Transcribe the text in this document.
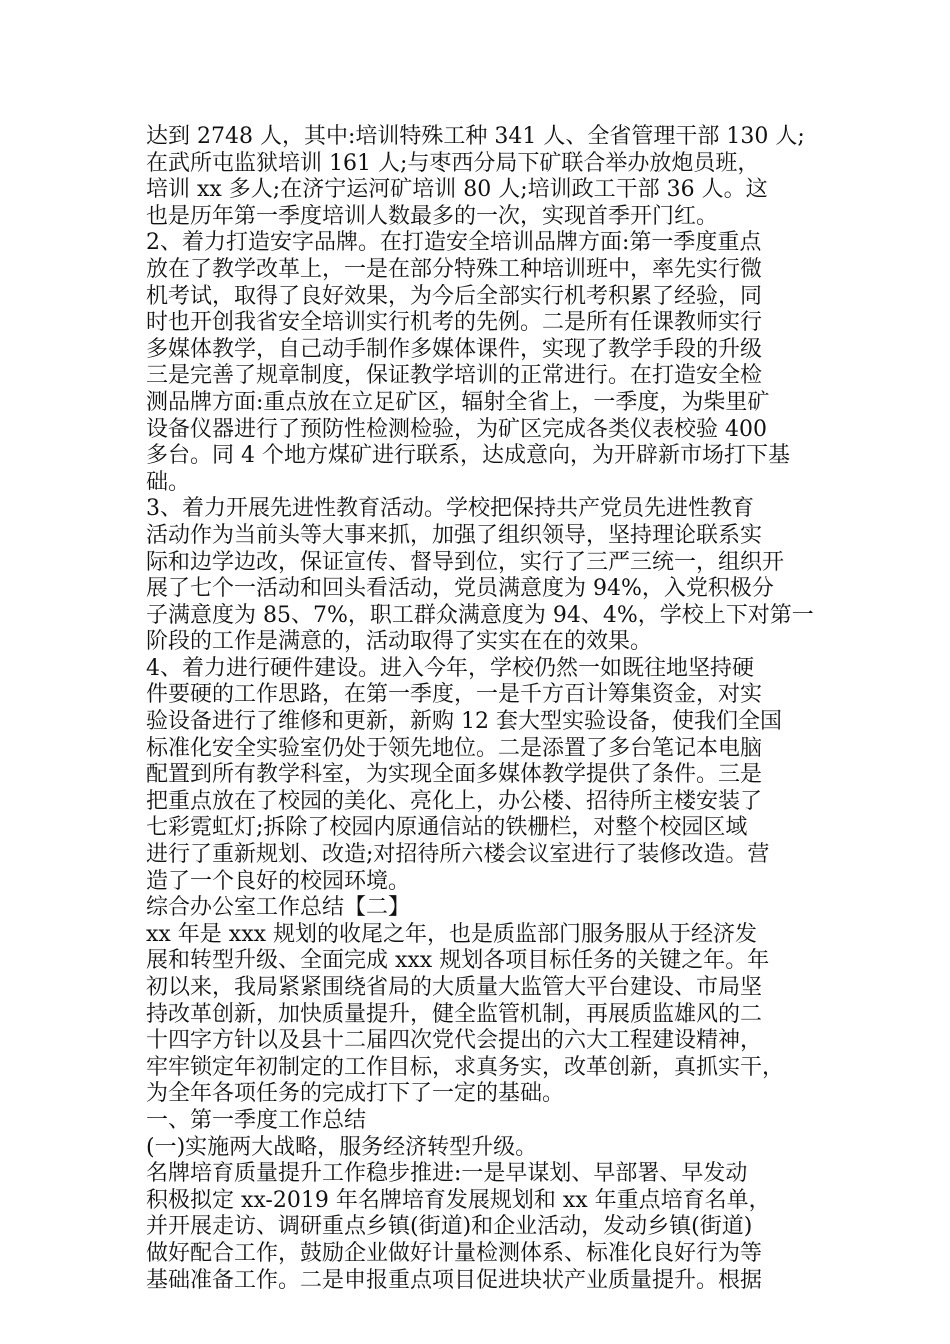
达到 2748 人，其中:培训特殊工种 341 人、全省管理干部 130 人;
在武所屯监狱培训 161 人;与枣西分局下矿联合举办放炮员班，
培训 xx 多人;在济宁运河矿培训 80 人;培训政工干部 36 人。这
也是历年第一季度培训人数最多的一次，实现首季开门红。
2、着力打造安字品牌。在打造安全培训品牌方面:第一季度重点
放在了教学改革上，一是在部分特殊工种培训班中，率先实行微
机考试，取得了良好效果，为今后全部实行机考积累了经验，同
时也开创我省安全培训实行机考的先例。二是所有任课教师实行
多媒体教学，自己动手制作多媒体课件，实现了教学手段的升级
三是完善了规章制度，保证教学培训的正常进行。在打造安全检
测品牌方面:重点放在立足矿区，辐射全省上，一季度，为柴里矿
设备仪器进行了预防性检测检验，为矿区完成各类仪表校验 400
多台。同 4 个地方煤矿进行联系，达成意向，为开辟新市场打下基
础。
3、着力开展先进性教育活动。学校把保持共产党员先进性教育
活动作为当前头等大事来抓，加强了组织领导，坚持理论联系实
际和边学边改，保证宣传、督导到位，实行了三严三统一，组织开
展了七个一活动和回头看活动，党员满意度为 94%，入党积极分
子满意度为 85、7%，职工群众满意度为 94、4%，学校上下对第一
阶段的工作是满意的，活动取得了实实在在的效果。
4、着力进行硬件建设。进入今年，学校仍然一如既往地坚持硬
件要硬的工作思路，在第一季度，一是千方百计筹集资金，对实
验设备进行了维修和更新，新购 12 套大型实验设备，使我们全国
标准化安全实验室仍处于领先地位。二是添置了多台笔记本电脑
配置到所有教学科室，为实现全面多媒体教学提供了条件。三是
把重点放在了校园的美化、亮化上，办公楼、招待所主楼安装了
七彩霓虹灯;拆除了校园内原通信站的铁栅栏，对整个校园区域
进行了重新规划、改造;对招待所六楼会议室进行了装修改造。营
造了一个良好的校园环境。
综合办公室工作总结【二】
xx 年是 xxx 规划的收尾之年，也是质监部门服务服从于经济发
展和转型升级、全面完成 xxx 规划各项目标任务的关键之年。年
初以来，我局紧紧围绕省局的大质量大监管大平台建设、市局坚
持改革创新，加快质量提升，健全监管机制，再展质监雄风的二
十四字方针以及县十二届四次党代会提出的六大工程建设精神，
牢牢锁定年初制定的工作目标，求真务实，改革创新，真抓实干，
为全年各项任务的完成打下了一定的基础。
一、第一季度工作总结
(一)实施两大战略，服务经济转型升级。
名牌培育质量提升工作稳步推进:一是早谋划、早部署、早发动
积极拟定 xx-2019 年名牌培育发展规划和 xx 年重点培育名单，
并开展走访、调研重点乡镇(街道)和企业活动，发动乡镇(街道)
做好配合工作，鼓励企业做好计量检测体系、标准化良好行为等
基础准备工作。二是申报重点项目促进块状产业质量提升。根据
